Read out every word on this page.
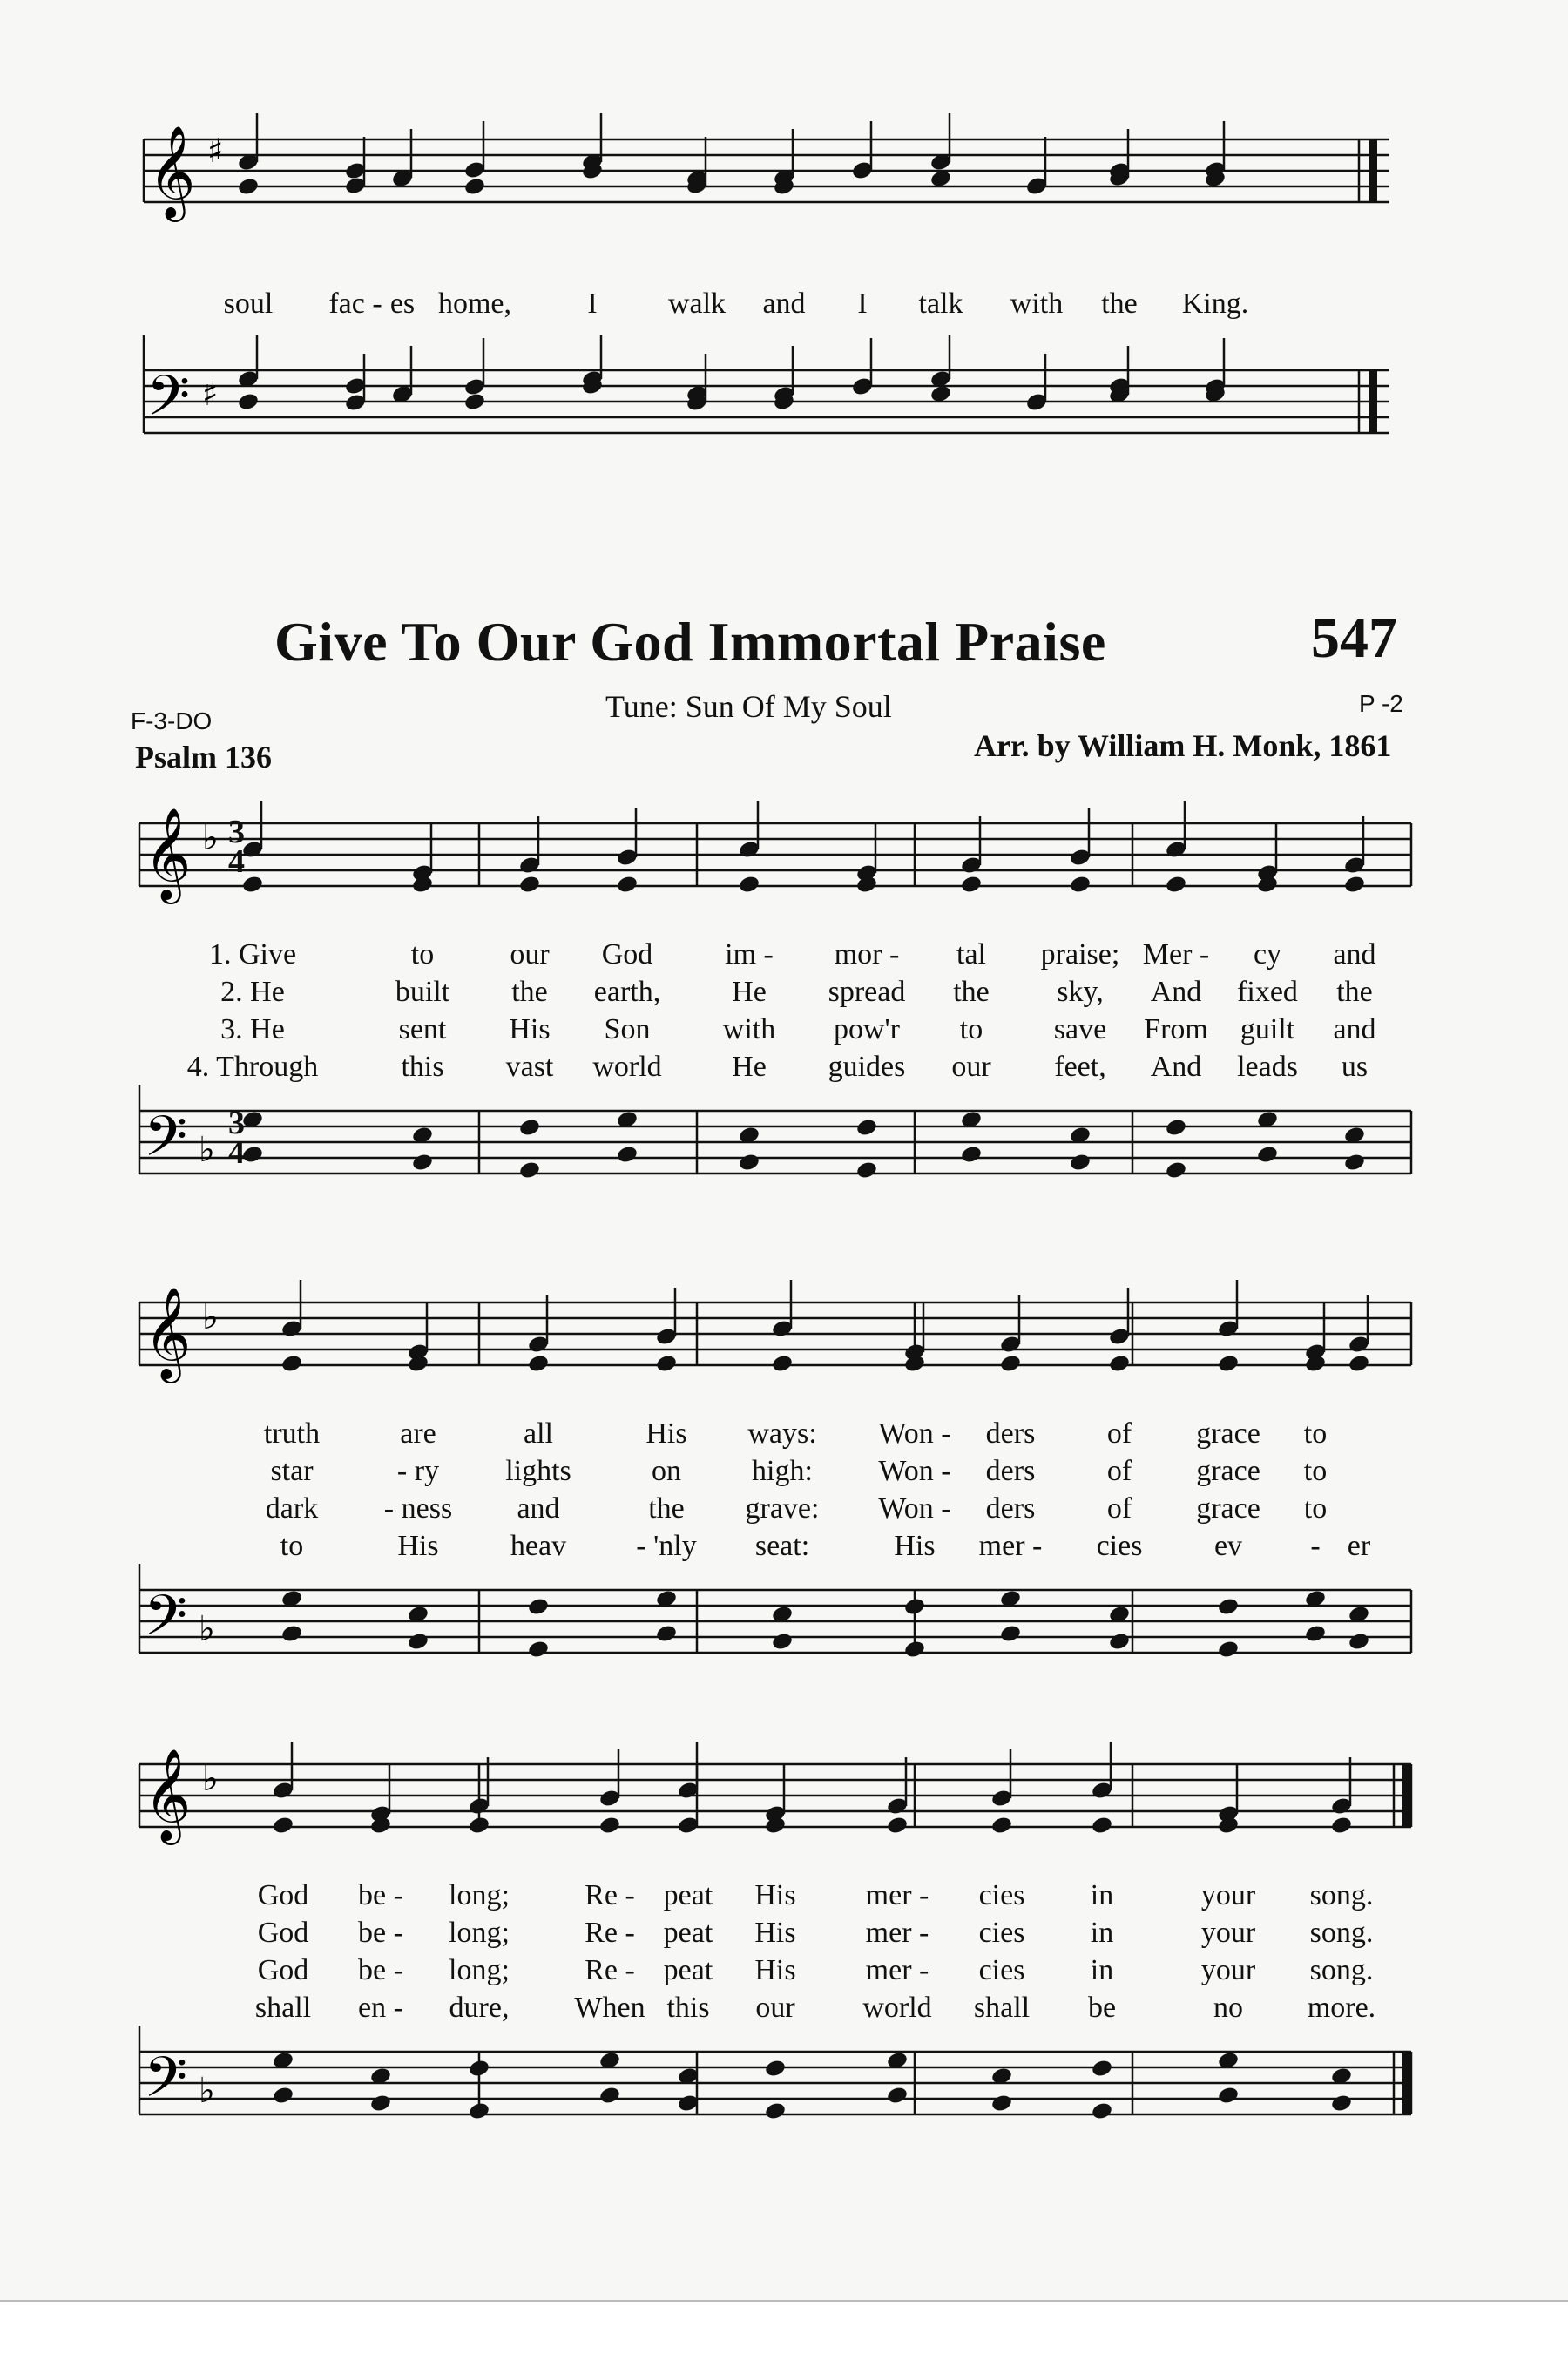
𝄞 ♯
soul fac - es home,	I walk and I talk with the King.
𝄢 ♯
Give To Our God Immortal Praise	547
Tune: Sun Of My Soul
F-3-DO
P -2
Psalm 136	Arr. by William H. Monk, 1861
𝄞 ♭
1. Give	to	our God im - mor - tal praise; Mer - cy and
2. He	built the earth, He spread the sky, And fixed the
3. He	sent His Son with pow'r to save From guilt and
4. Through	this vast world He guides our feet, And leads us
𝄢 ♭
𝄞 ♭
truth	are	all	His ways: Won - ders of grace to
star	- ry lights	on high: Won - ders of grace to
dark - ness and	the grave: Won - ders of grace to
to	His heav - 'nly seat:	His mer - cies ev - er
𝄢 ♭
𝄞 ♭
God be - long;	Re - peat His mer - cies in	your song.
God be - long;	Re - peat His mer - cies in	your song.
God be - long;	Re - peat His mer - cies in	your song.
shall en - dure, When this our world shall be	no more.
𝄢 ♭
3
4
3
4
